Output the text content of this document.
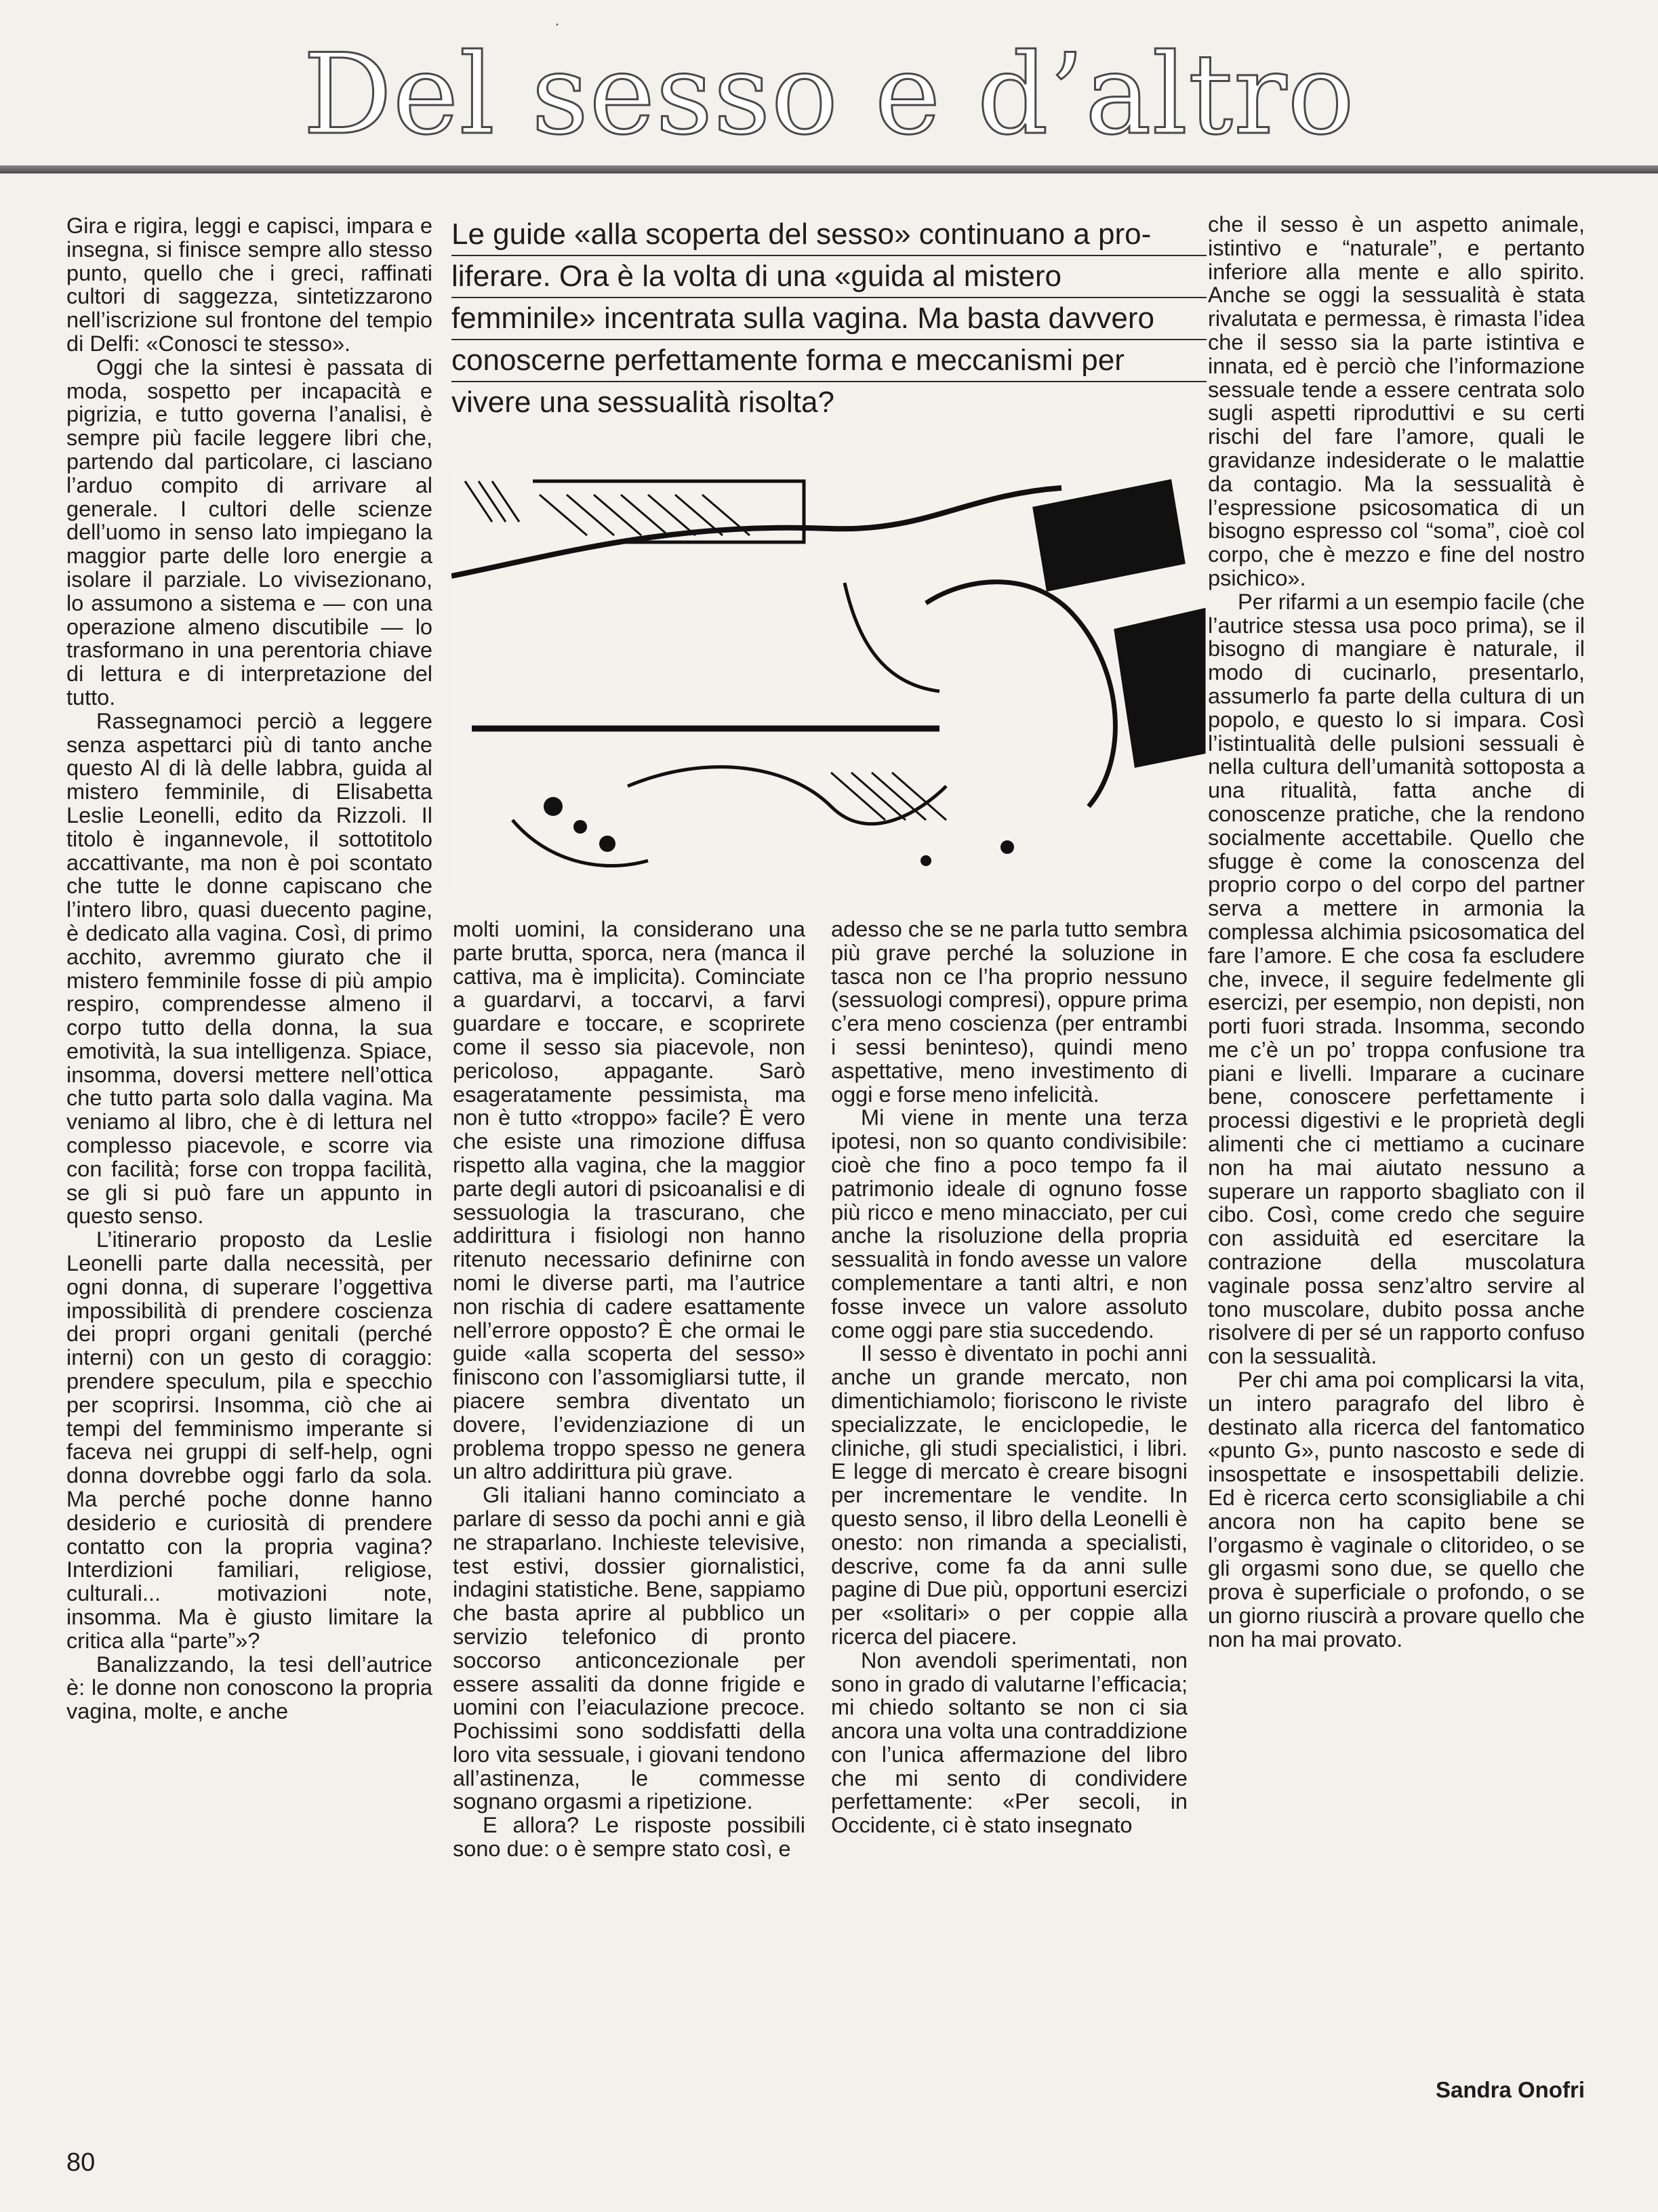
·
Del sesso e d’altro
Le guide «alla scoperta del sesso» continuano a pro-
liferare. Ora è la volta di una «guida al mistero
femminile» incentrata sulla vagina. Ma basta davvero
conoscerne perfettamente forma e meccanismi per
vivere una sessualità risolta?

Gira e rigira, leggi e capisci, impara e insegna, si finisce sempre allo stesso punto, quello che i greci, raffinati cultori di saggezza, sintetizzarono nell’iscrizione sul frontone del tempio di Delfi: «Conosci te stesso».

Oggi che la sintesi è passata di moda, sospetto per incapacità e pigrizia, e tutto governa l’analisi, è sempre più facile leggere libri che, partendo dal particolare, ci lasciano l’arduo compito di arrivare al generale. I cultori delle scienze dell’uomo in senso lato impiegano la maggior parte delle loro energie a isolare il parziale. Lo vivisezionano, lo assumono a sistema e — con una operazione almeno discutibile — lo trasformano in una perentoria chiave di lettura e di interpretazione del tutto.

Rassegnamoci perciò a leggere senza aspettarci più di tanto anche questo Al di là delle labbra, guida al mistero femminile, di Elisabetta Leslie Leonelli, edito da Rizzoli. Il titolo è ingannevole, il sottotitolo accattivante, ma non è poi scontato che tutte le donne capiscano che l’intero libro, quasi duecento pagine, è dedicato alla vagina. Così, di primo acchito, avremmo giurato che il mistero femminile fosse di più ampio respiro, comprendesse almeno il corpo tutto della donna, la sua emotività, la sua intelligenza. Spiace, insomma, doversi mettere nell’ottica che tutto parta solo dalla vagina. Ma veniamo al libro, che è di lettura nel complesso piacevole, e scorre via con facilità; forse con troppa facilità, se gli si può fare un appunto in questo senso.

L’itinerario proposto da Leslie Leonelli parte dalla necessità, per ogni donna, di superare l’oggettiva impossibilità di prendere coscienza dei propri organi genitali (perché interni) con un gesto di coraggio: prendere speculum, pila e specchio per scoprirsi. Insomma, ciò che ai tempi del femminismo imperante si faceva nei gruppi di self-help, ogni donna dovrebbe oggi farlo da sola. Ma perché poche donne hanno desiderio e curiosità di prendere contatto con la propria vagina? Interdizioni familiari, religiose, culturali... motivazioni note, insomma. Ma è giusto limitare la critica alla “parte”»?

Banalizzando, la tesi dell’autrice è: le donne non conoscono la propria vagina, molte, e anche

molti uomini, la considerano una parte brutta, sporca, nera (manca il cattiva, ma è implicita). Cominciate a guardarvi, a toccarvi, a farvi guardare e toccare, e scoprirete come il sesso sia piacevole, non pericoloso, appagante. Sarò esageratamente pessimista, ma non è tutto «troppo» facile? È vero che esiste una rimozione diffusa rispetto alla vagina, che la maggior parte degli autori di psicoanalisi e di sessuologia la trascurano, che addirittura i fisiologi non hanno ritenuto necessario definirne con nomi le diverse parti, ma l’autrice non rischia di cadere esattamente nell’errore opposto? È che ormai le guide «alla scoperta del sesso» finiscono con l’assomigliarsi tutte, il piacere sembra diventato un dovere, l’evidenziazione di un problema troppo spesso ne genera un altro addirittura più grave.

Gli italiani hanno cominciato a parlare di sesso da pochi anni e già ne straparlano. Inchieste televisive, test estivi, dossier giornalistici, indagini statistiche. Bene, sappiamo che basta aprire al pubblico un servizio telefonico di pronto soccorso anticoncezionale per essere assaliti da donne frigide e uomini con l’eiaculazione precoce. Pochissimi sono soddisfatti della loro vita sessuale, i giovani tendono all’astinenza, le commesse sognano orgasmi a ripetizione.

E allora? Le risposte possibili sono due: o è sempre stato così, e

adesso che se ne parla tutto sembra più grave perché la soluzione in tasca non ce l’ha proprio nessuno (sessuologi compresi), oppure prima c’era meno coscienza (per entrambi i sessi beninteso), quindi meno aspettative, meno investimento di oggi e forse meno infelicità.

Mi viene in mente una terza ipotesi, non so quanto condivisibile: cioè che fino a poco tempo fa il patrimonio ideale di ognuno fosse più ricco e meno minacciato, per cui anche la risoluzione della propria sessualità in fondo avesse un valore complementare a tanti altri, e non fosse invece un valore assoluto come oggi pare stia succedendo.

Il sesso è diventato in pochi anni anche un grande mercato, non dimentichiamolo; fioriscono le riviste specializzate, le enciclopedie, le cliniche, gli studi specialistici, i libri. E legge di mercato è creare bisogni per incrementare le vendite. In questo senso, il libro della Leonelli è onesto: non rimanda a specialisti, descrive, come fa da anni sulle pagine di Due più, opportuni esercizi per «solitari» o per coppie alla ricerca del piacere.

Non avendoli sperimentati, non sono in grado di valutarne l’efficacia; mi chiedo soltanto se non ci sia ancora una volta una contraddizione con l’unica affermazione del libro che mi sento di condividere perfettamente: «Per secoli, in Occidente, ci è stato insegnato

che il sesso è un aspetto animale, istintivo e “naturale”, e pertanto inferiore alla mente e allo spirito. Anche se oggi la sessualità è stata rivalutata e permessa, è rimasta l’idea che il sesso sia la parte istintiva e innata, ed è perciò che l’informazione sessuale tende a essere centrata solo sugli aspetti riproduttivi e su certi rischi del fare l’amore, quali le gravidanze indesiderate o le malattie da contagio. Ma la sessualità è l’espressione psicosomatica di un bisogno espresso col “soma”, cioè col corpo, che è mezzo e fine del nostro psichico».

Per rifarmi a un esempio facile (che l’autrice stessa usa poco prima), se il bisogno di mangiare è naturale, il modo di cucinarlo, presentarlo, assumerlo fa parte della cultura di un popolo, e questo lo si impara. Così l’istintualità delle pulsioni sessuali è nella cultura dell’umanità sottoposta a una ritualità, fatta anche di conoscenze pratiche, che la rendono socialmente accettabile. Quello che sfugge è come la conoscenza del proprio corpo o del corpo del partner serva a mettere in armonia la complessa alchimia psicosomatica del fare l’amore. E che cosa fa escludere che, invece, il seguire fedelmente gli esercizi, per esempio, non depisti, non porti fuori strada. Insomma, secondo me c’è un po’ troppa confusione tra piani e livelli. Imparare a cucinare bene, conoscere perfettamente i processi digestivi e le proprietà degli alimenti che ci mettiamo a cucinare non ha mai aiutato nessuno a superare un rapporto sbagliato con il cibo. Così, come credo che seguire con assiduità ed esercitare la contrazione della muscolatura vaginale possa senz’altro servire al tono muscolare, dubito possa anche risolvere di per sé un rapporto confuso con la sessualità.

Per chi ama poi complicarsi la vita, un intero paragrafo del libro è destinato alla ricerca del fantomatico «punto G», punto nascosto e sede di insospettate e insospettabili delizie. Ed è ricerca certo sconsigliabile a chi ancora non ha capito bene se l’orgasmo è vaginale o clitorideo, o se gli orgasmi sono due, se quello che prova è superficiale o profondo, o se un giorno riuscirà a provare quello che non ha mai provato.

Sandra Onofri
80
